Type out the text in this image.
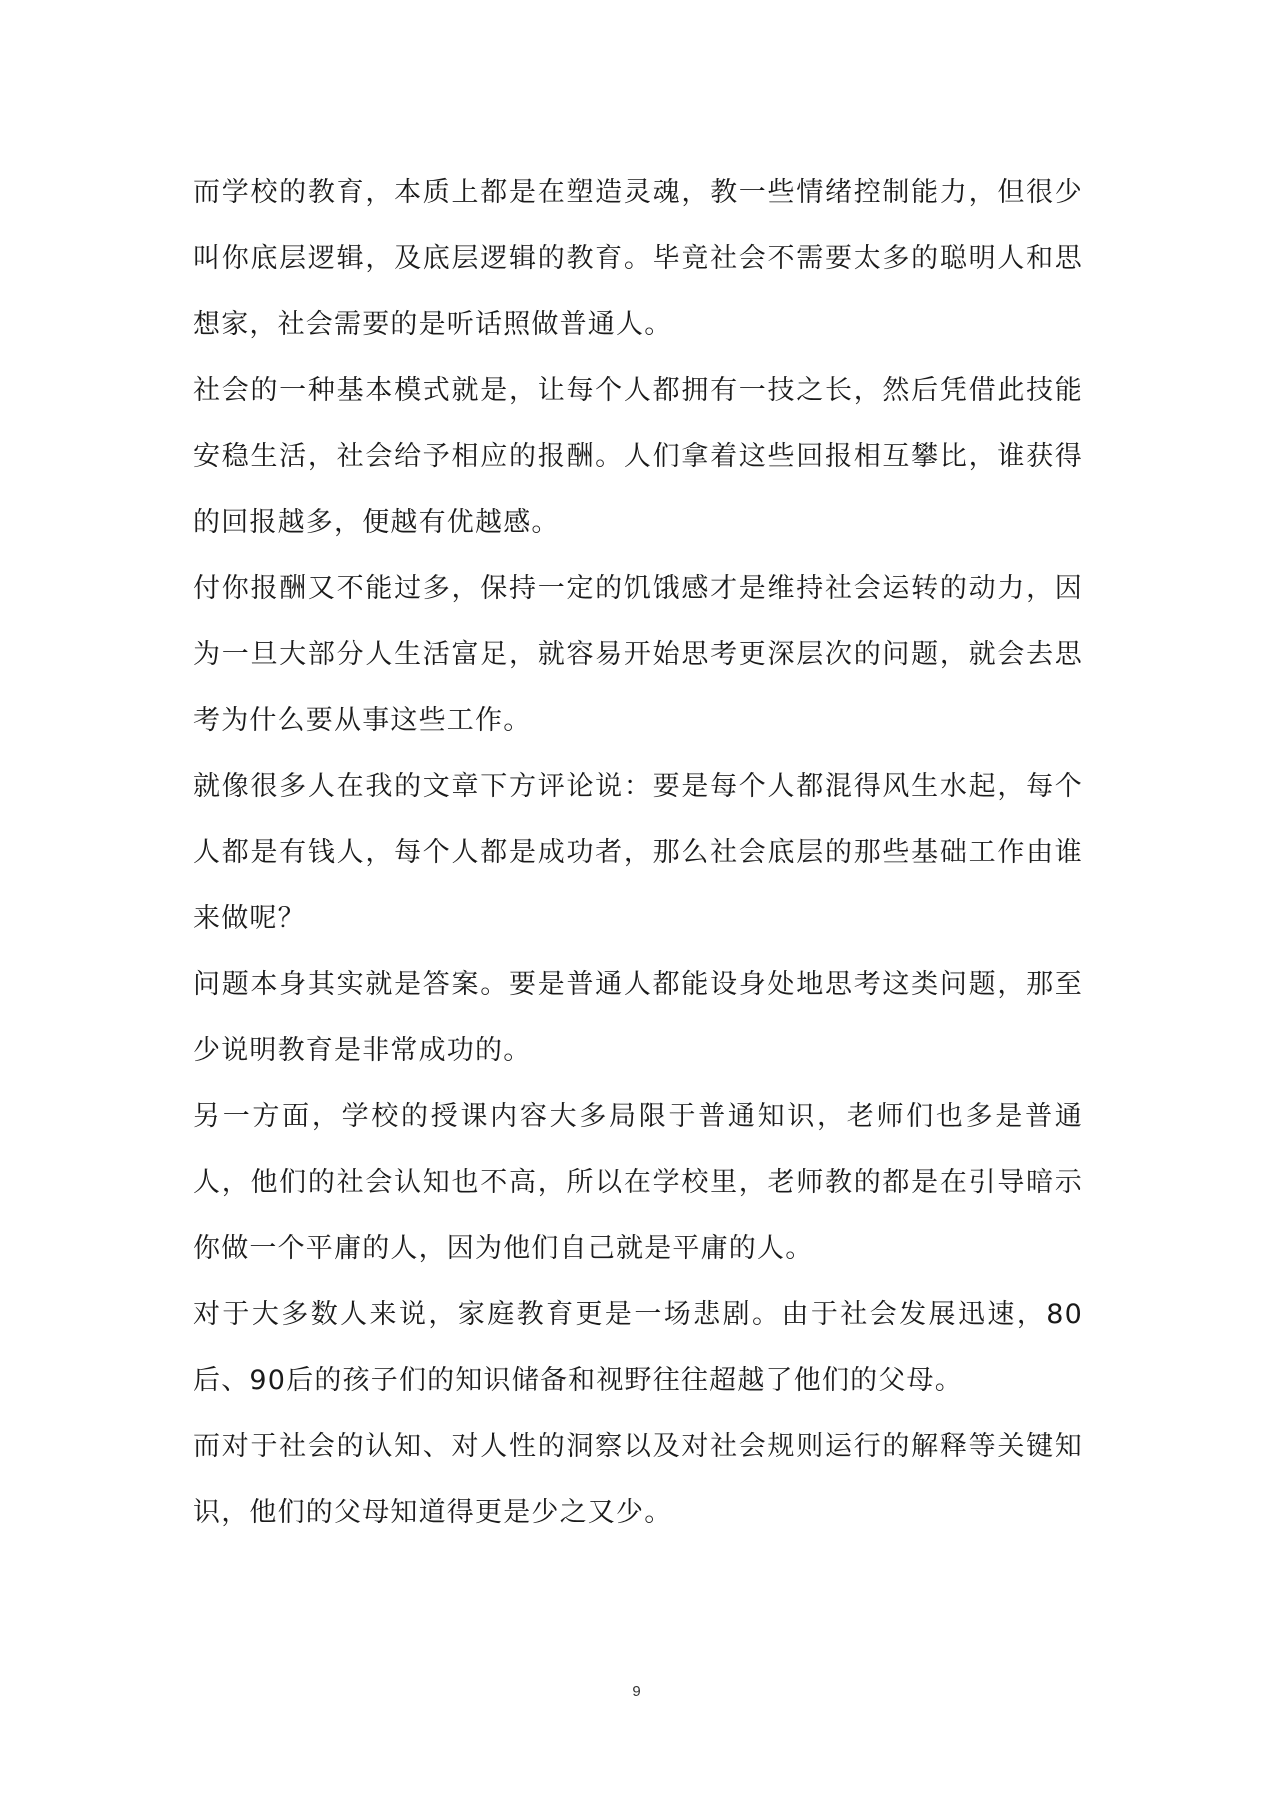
而学校的教育，本质上都是在塑造灵魂，教一些情绪控制能力，但很少叫你底层逻辑，及底层逻辑的教育。毕竟社会不需要太多的聪明人和思想家，社会需要的是听话照做普通人。

社会的一种基本模式就是，让每个人都拥有一技之长，然后凭借此技能安稳生活，社会给予相应的报酬。人们拿着这些回报相互攀比，谁获得的回报越多，便越有优越感。

付你报酬又不能过多，保持一定的饥饿感才是维持社会运转的动力，因为一旦大部分人生活富足，就容易开始思考更深层次的问题，就会去思考为什么要从事这些工作。

就像很多人在我的文章下方评论说：要是每个人都混得风生水起，每个人都是有钱人，每个人都是成功者，那么社会底层的那些基础工作由谁来做呢？

问题本身其实就是答案。要是普通人都能设身处地思考这类问题，那至少说明教育是非常成功的。

另一方面，学校的授课内容大多局限于普通知识，老师们也多是普通人，他们的社会认知也不高，所以在学校里，老师教的都是在引导暗示你做一个平庸的人，因为他们自己就是平庸的人。

对于大多数人来说，家庭教育更是一场悲剧。由于社会发展迅速，80后、90后的孩子们的知识储备和视野往往超越了他们的父母。

而对于社会的认知、对人性的洞察以及对社会规则运行的解释等关键知识，他们的父母知道得更是少之又少。

9
